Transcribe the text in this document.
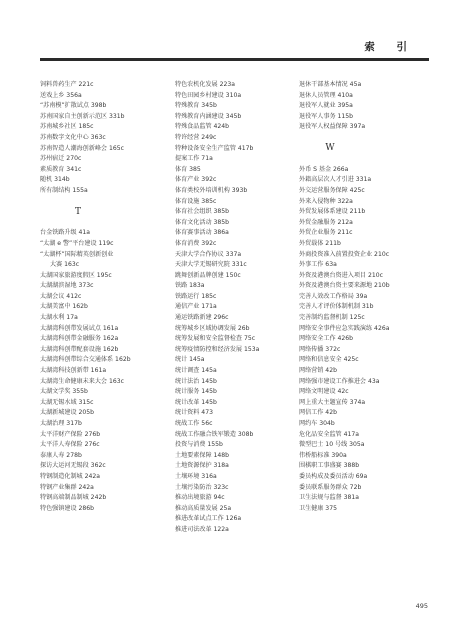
索 引
饲料兽药生产 221c
送戏上乡 356a
“苏南模”扩散试点 398b
苏南国家自主创新示范区 331b
苏南城乡社区 185c
苏南数字文化中心 363c
苏南智造人潮海创新峰会 165c
苏州宿迁 270c
素质教育 341c
随机 314b
所有制结构 155a
T
台金铁路升级 41a
“太湖 e 警”平台建设 119c
“太湖杯”国际精英创新创业
大赛 163c
太湖国家旅游度假区 195c
太湖湖滨湿地 373c
太湖会议 412c
太湖美富中 162b
太湖水利 17a
太湖湾科创带发展试点 161a
太湖湾科创带金融服务 162a
太湖湾科创带配套设施 162b
太湖湾科创带综合交通体系 162b
太湖湾科技创新带 161a
太湖湾生命健康未来大会 163c
太湖文学奖 355b
太湖无锡水域 315c
太湖新城建设 205b
太湖治理 317b
太平洋财产保险 276b
太平洋人寿保险 276c
泰康人寿 278b
探访大运河无锡段 362c
特钢制造化制城 242a
特钢产业集群 242a
特钢高端制品制城 242b
特色强镇建设 286b
特色农机化发展 223a
特色田园乡村建设 310a
特殊教育 345b
特殊教育内涵建设 345b
特殊食品监管 424b
特许经营 249c
特种设备安全生产监管 417b
提案工作 71a
体育 385
体育产业 392c
体育类校外培训机构 393b
体育设施 385c
体育社会组织 385b
体育文化活动 385b
体育赛事活动 386a
体育消费 392c
天津大学合作协议 337a
天津大学无锡研究院 331c
跳舞创新品牌创建 150c
铁路 183a
铁路运行 185c
通信产业 171a
通运铁路新建 296c
统筹城乡区域协调发展 26b
统筹发展和安全监督检查 75c
统筹疫情防控和经济发展 153a
统计 145a
统计调查 145a
统计法治 145b
统计服务 145b
统计改革 145b
统计资料 473
统战工作 56c
统战工作融合铁军锻造 308b
投资与消费 155b
土地要素保障 148b
土地资源保护 318a
土壤环境 316a
土壤污染防治 323c
推动出境旅游 94c
推动高质量发展 25a
推进改革试点工作 126a
推进司法改革 122a
退休干部基本情况 45a
退休人员管理 410a
退役军人就业 395a
退役军人事务 115b
退役军人权益保障 397a
W
外币 S 基金 266a
外籍高层次人才引进 331a
外交运营服务保障 425c
外来入侵物种 322a
外贸发展体系建设 211b
外贸金融服务 212a
外贸企业服务 211c
外贸载体 211b
外商投资准入前置投资企业 210c
外事工作 63a
外资及港澳台资进入项目 210c
外资及港澳台资主要来源地 210b
完善人效改工作格局 39a
完善人才评价体制机制 31b
完善制约监督机制 125c
网络安全事件应急实践演练 426a
网络安全工作 426b
网络传播 372c
网络和信息安全 425c
网络营销 42b
网络强市建设工作推进会 43a
网络文明建设 42c
网上重大主题宣传 374a
网信工作 42b
网约车 304b
危化品安全监管 417a
微型巴士 10 号线 305a
伟桥船标准 390a
围棋职工事盛赛 388b
委员构成及委员活动 69a
委员联系服务群众 72b
卫生法规与监督 381a
卫生健康 375
495
